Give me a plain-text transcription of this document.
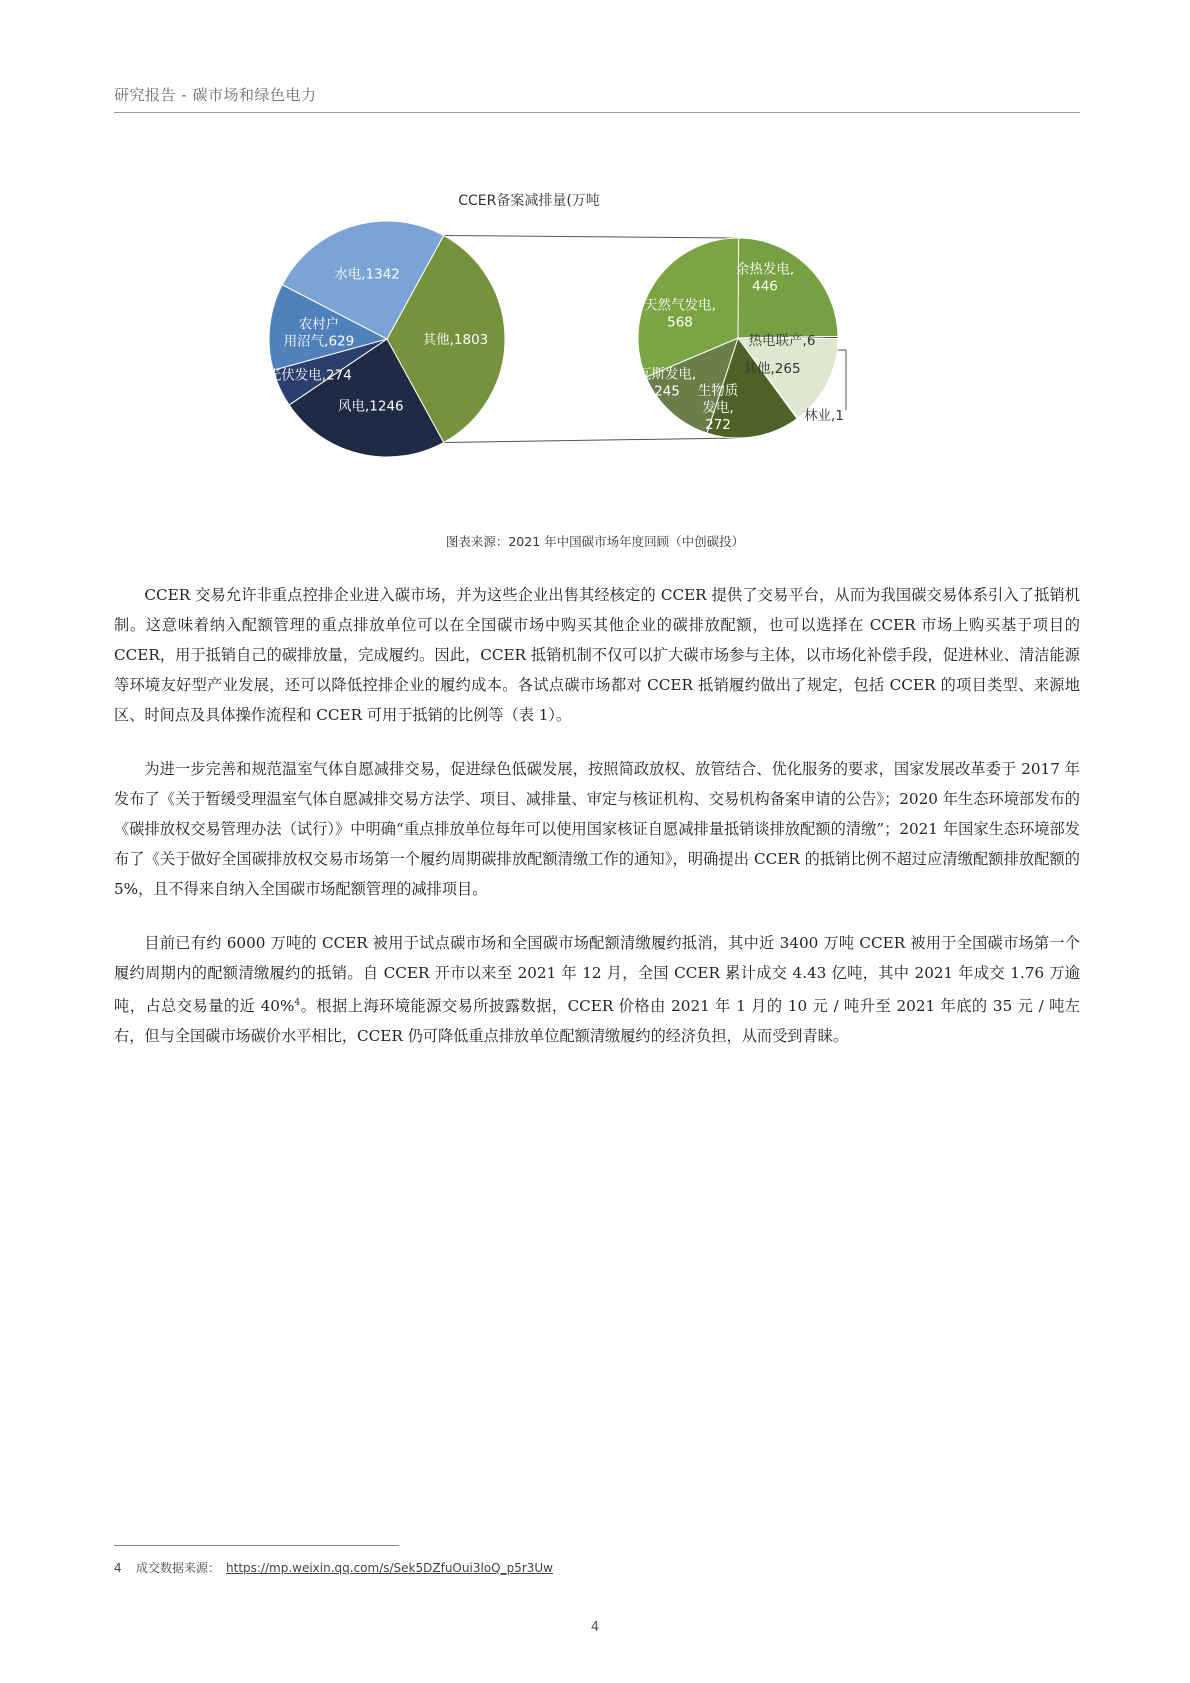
研究报告 - 碳市场和绿色电力
CCER备案减排量(万吨
其他,1803
风电,1246
光伏发电,274
农村户用沼气,629
水电,1342	余热发电, 446
热电联产,6
其他,265
林业,1
生物质发电, 272
瓦斯发电, 245
天然气发电, 568
图表来源：2021 年中国碳市场年度回顾（中创碳投）

CCER 交易允许非重点控排企业进入碳市场，并为这些企业出售其经核定的 CCER 提供了交易平台，从而为我国碳交易体系引入了抵销机制。这意味着纳入配额管理的重点排放单位可以在全国碳市场中购买其他企业的碳排放配额，也可以选择在 CCER 市场上购买基于项目的 CCER，用于抵销自己的碳排放量，完成履约。因此，CCER 抵销机制不仅可以扩大碳市场参与主体，以市场化补偿手段，促进林业、清洁能源等环境友好型产业发展，还可以降低控排企业的履约成本。各试点碳市场都对 CCER 抵销履约做出了规定，包括 CCER 的项目类型、来源地区、时间点及具体操作流程和 CCER 可用于抵销的比例等（表 1）。

为进一步完善和规范温室气体自愿减排交易，促进绿色低碳发展，按照简政放权、放管结合、优化服务的要求，国家发展改革委于 2017 年发布了《关于暂缓受理温室气体自愿减排交易方法学、项目、减排量、审定与核证机构、交易机构备案申请的公告》；2020 年生态环境部发布的《碳排放权交易管理办法（试行）》中明确“重点排放单位每年可以使用国家核证自愿减排量抵销谈排放配额的清缴”；2021 年国家生态环境部发布了《关于做好全国碳排放权交易市场第一个履约周期碳排放配额清缴工作的通知》，明确提出 CCER 的抵销比例不超过应清缴配额排放配额的 5%，且不得来自纳入全国碳市场配额管理的减排项目。

目前已有约 6000 万吨的 CCER 被用于试点碳市场和全国碳市场配额清缴履约抵消，其中近 3400 万吨 CCER 被用于全国碳市场第一个履约周期内的配额清缴履约的抵销。自 CCER 开市以来至 2021 年 12 月，全国 CCER 累计成交 4.43 亿吨，其中 2021 年成交 1.76 万逾吨，占总交易量的近 40%$^4$。根据上海环境能源交易所披露数据，CCER 价格由 2021 年 1 月的 10 元 / 吨升至 2021 年底的 35 元 / 吨左右，但与全国碳市场碳价水平相比，CCER 仍可降低重点排放单位配额清缴履约的经济负担，从而受到青睐。

4 成交数据来源： https://mp.weixin.qq.com/s/Sek5DZfuOui3loQ_p5r3Uw
4
